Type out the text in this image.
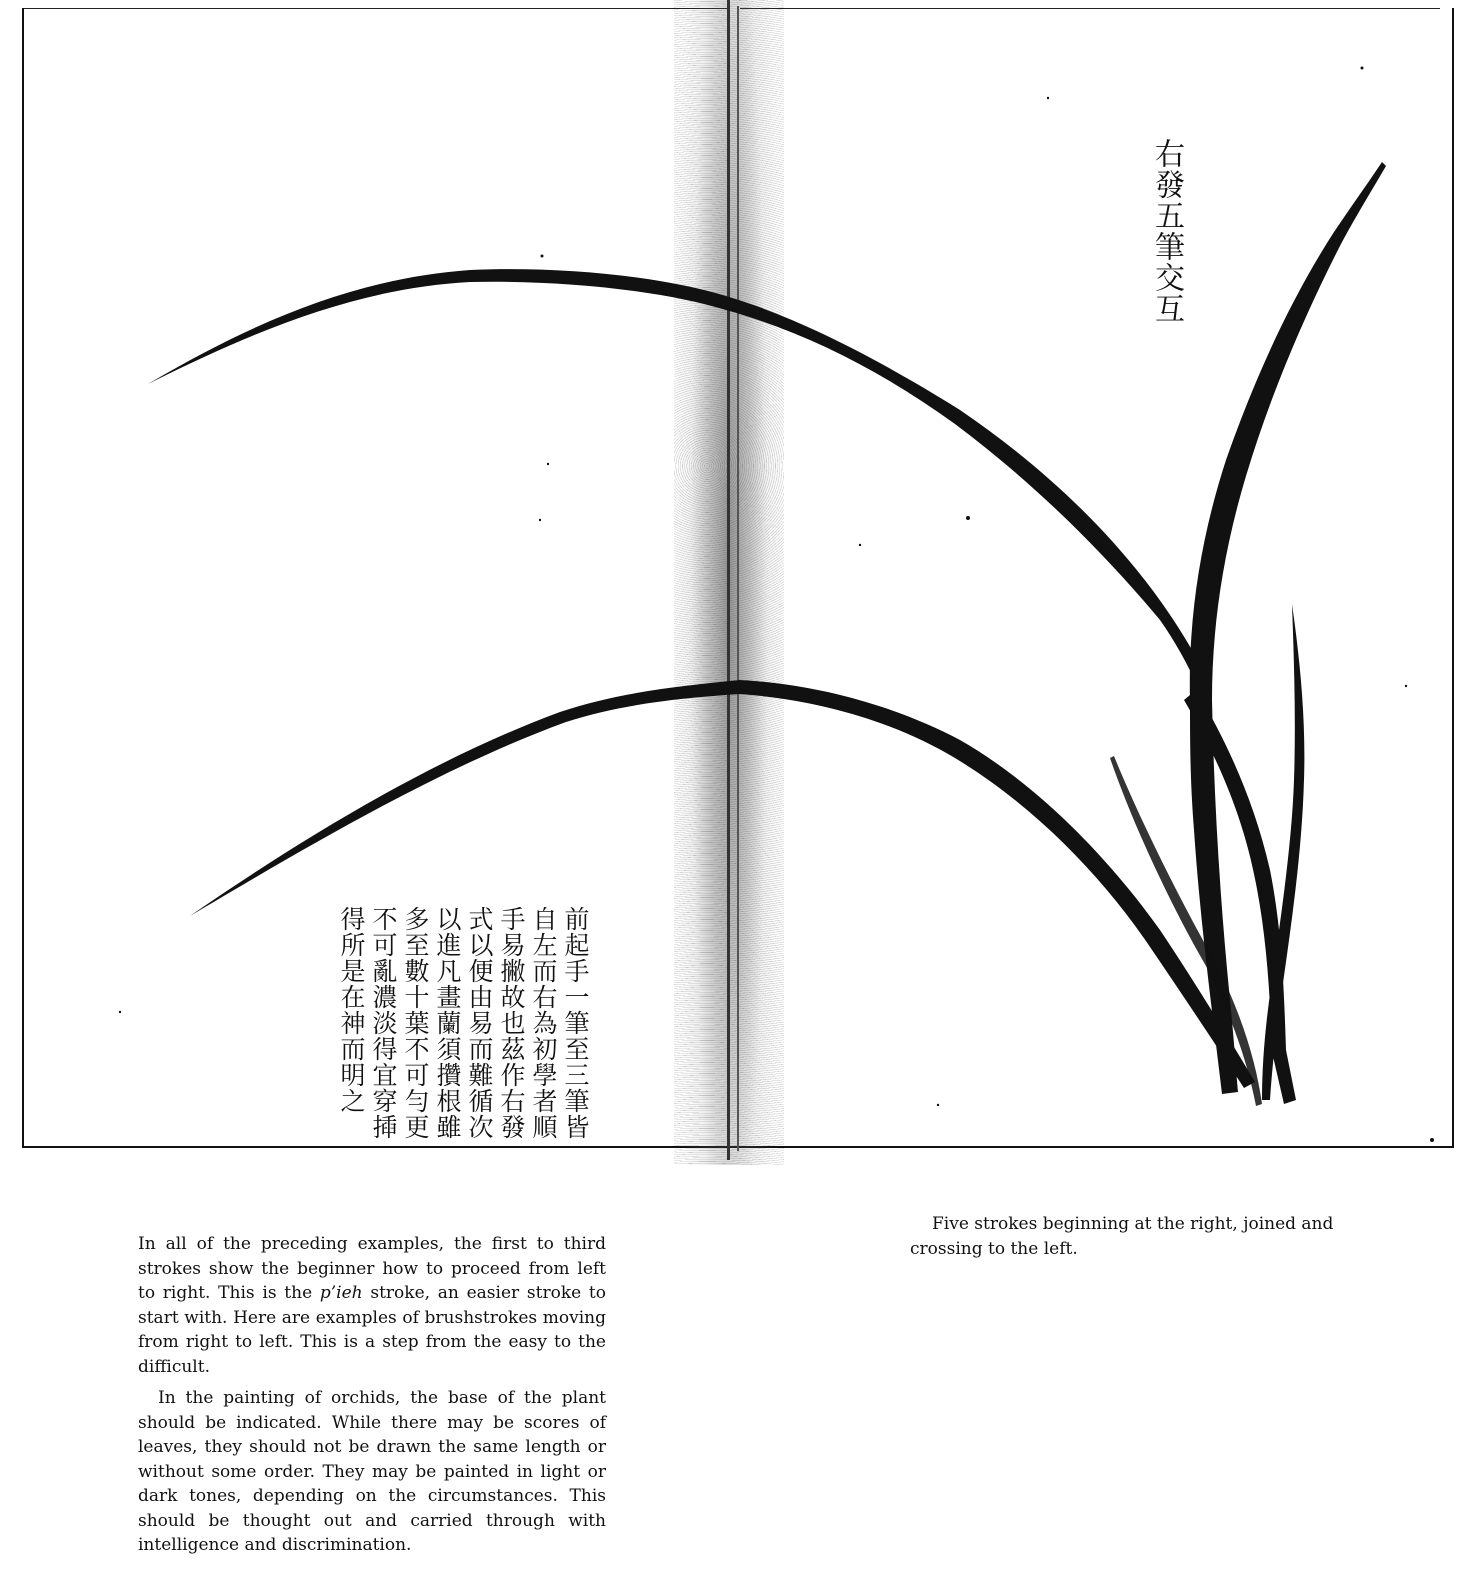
右發五筆交互
前起手一筆至三筆皆自左而右為初學者順手易撇故也茲作右發式以便由易而難循次以進凡畫蘭須攢根雖多至數十葉不可勻更不可亂濃淡得宜穿揷得所是在神而明之

Five strokes beginning at the right, joined and crossing to the left.

In all of the preceding examples, the first to third strokes show the beginner how to proceed from left to right. This is the p’ieh stroke, an easier stroke to start with. Here are examples of brushstrokes moving from right to left. This is a step from the easy to the difficult.

In the painting of orchids, the base of the plant should be indicated. While there may be scores of leaves, they should not be drawn the same length or without some order. They may be painted in light or dark tones, depending on the circumstances. This should be thought out and carried through with intelligence and discrimination.
